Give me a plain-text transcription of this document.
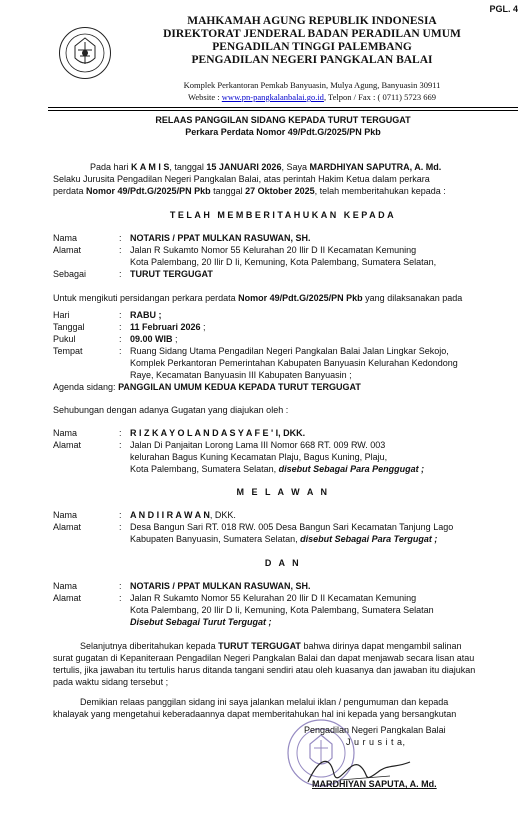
PGL. 4
MAHKAMAH AGUNG REPUBLIK INDONESIA
DIREKTORAT JENDERAL BADAN PERADILAN UMUM
PENGADILAN TINGGI PALEMBANG
PENGADILAN NEGERI PANGKALAN BALAI
Komplek Perkantoran Pemkab Banyuasin, Mulya Agung, Banyuasin 30911
Website : www.pn-pangkalanbalai.go.id, Telpon / Fax : ( 0711) 5723 669
RELAAS PANGGILAN SIDANG KEPADA TURUT TERGUGAT
Perkara Perdata Nomor 49/Pdt.G/2025/PN Pkb
Pada hari K A M I S, tanggal 15 JANUARI 2026, Saya MARDHIYAN SAPUTRA, A. Md.
Selaku Jurusita Pengadilan Negeri Pangkalan Balai, atas perintah Hakim Ketua dalam perkara
perdata Nomor 49/Pdt.G/2025/PN Pkb tanggal 27 Oktober 2025, telah memberitahukan kepada :
TELAH MEMBERITAHUKAN KEPADA
Nama	: NOTARIS / PPAT MULKAN RASUWAN, SH.
Alamat	: Jalan R Sukamto Nomor 55 Kelurahan 20 Ilir D II Kecamatan Kemuning
Kota Palembang, 20 Ilir D Ii, Kemuning, Kota Palembang, Sumatera Selatan,
Sebagai	: TURUT TERGUGAT
Untuk mengikuti persidangan perkara perdata Nomor 49/Pdt.G/2025/PN Pkb yang dilaksanakan pada
Hari	: RABU ;
Tanggal	: 11 Februari 2026 ;
Pukul	: 09.00 WIB ;
Tempat	: Ruang Sidang Utama Pengadilan Negeri Pangkalan Balai Jalan Lingkar Sekojo,
Komplek Perkantoran Pemerintahan Kabupaten Banyuasin Kelurahan Kedondong
Raye, Kecamatan Banyuasin III Kabupaten Banyuasin ;
Agenda sidang: PANGGILAN UMUM KEDUA KEPADA TURUT TERGUGAT
Sehubungan dengan adanya Gugatan yang diajukan oleh :
Nama	: R I Z K A Y O L A N D A S Y A F E ' I, DKK.
Alamat	: Jalan Di Panjaitan Lorong Lama III Nomor 668 RT. 009 RW. 003
kelurahan Bagus Kuning Kecamatan Plaju, Bagus Kuning, Plaju,
Kota Palembang, Sumatera Selatan, disebut Sebagai Para Penggugat ;
M E L A W A N
Nama	: A N D I I R A W A N, DKK.
Alamat	: Desa Bangun Sari RT. 018 RW. 005 Desa Bangun Sari Kecamatan Tanjung Lago
Kabupaten Banyuasin, Sumatera Selatan, disebut Sebagai Para Tergugat ;
D A N
Nama	: NOTARIS / PPAT MULKAN RASUWAN, SH.
Alamat	: Jalan R Sukamto Nomor 55 Kelurahan 20 Ilir D II Kecamatan Kemuning
Kota Palembang, 20 Ilir D Ii, Kemuning, Kota Palembang, Sumatera Selatan
Disebut Sebagai Turut Tergugat ;
Selanjutnya diberitahukan kepada TURUT TERGUGAT bahwa dirinya dapat mengambil salinan
surat gugatan di Kepaniteraan Pengadilan Negeri Pangkalan Balai dan dapat menjawab secara lisan atau
tertulis, jika jawaban itu tertulis harus ditanda tangani sendiri atau oleh kuasanya dan jawaban itu diajukan
pada waktu sidang tersebut ;
Demikian relaas panggilan sidang ini saya jalankan melalui iklan / pengumuman dan kepada
khalayak yang mengetahui keberadaannya dapat memberitahukan hal ini kepada yang bersangkutan
Pengadilan Negeri Pangkalan Balai
J u r u s i t a,
MARDHIYAN SAPUTA, A. Md.
